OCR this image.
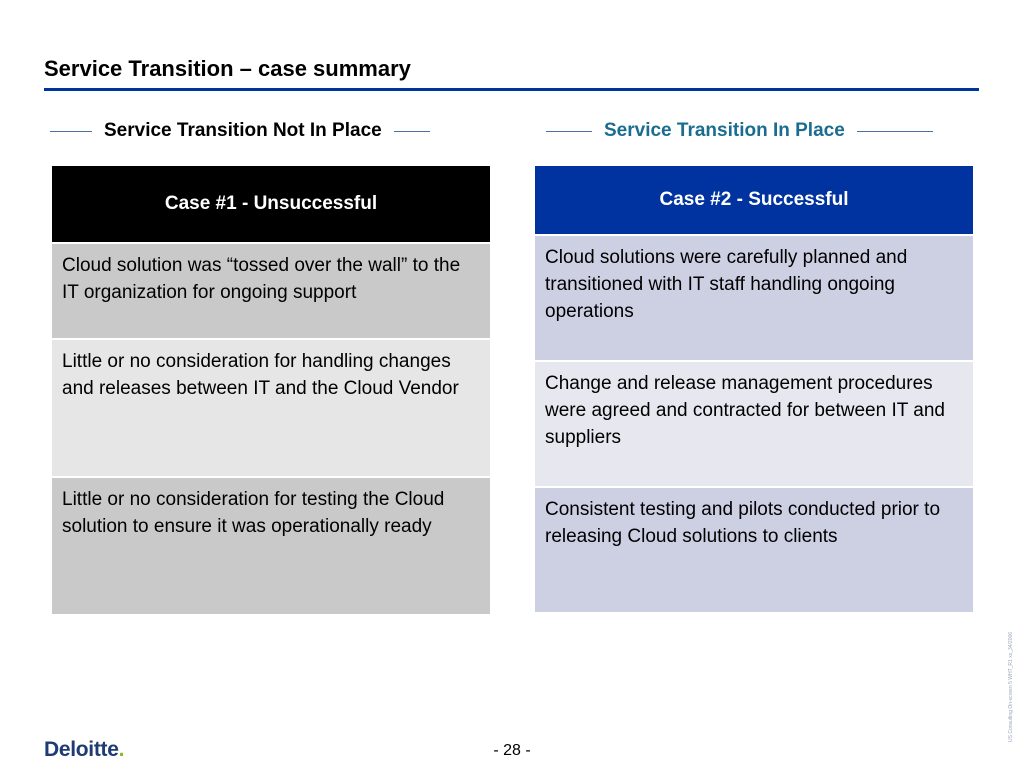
Service Transition – case summary
Service Transition Not In Place	Service Transition In Place
Case #1 - Unsuccessful
Cloud solution was “tossed over the wall” to the IT organization for ongoing support
Little or no consideration for handling changes and releases between IT and the Cloud Vendor
Little or no consideration for testing the Cloud solution to ensure it was operationally ready
Case #2 - Successful
Cloud solutions were carefully planned and transitioned with IT staff handling ongoing operations
Change and release management procedures were agreed and contracted for between IT and suppliers
Consistent testing and pilots conducted prior to releasing Cloud solutions to clients
Deloitte.	- 28 -
US Consulting On-screen 5 WHT_R1 xx_34/2006
